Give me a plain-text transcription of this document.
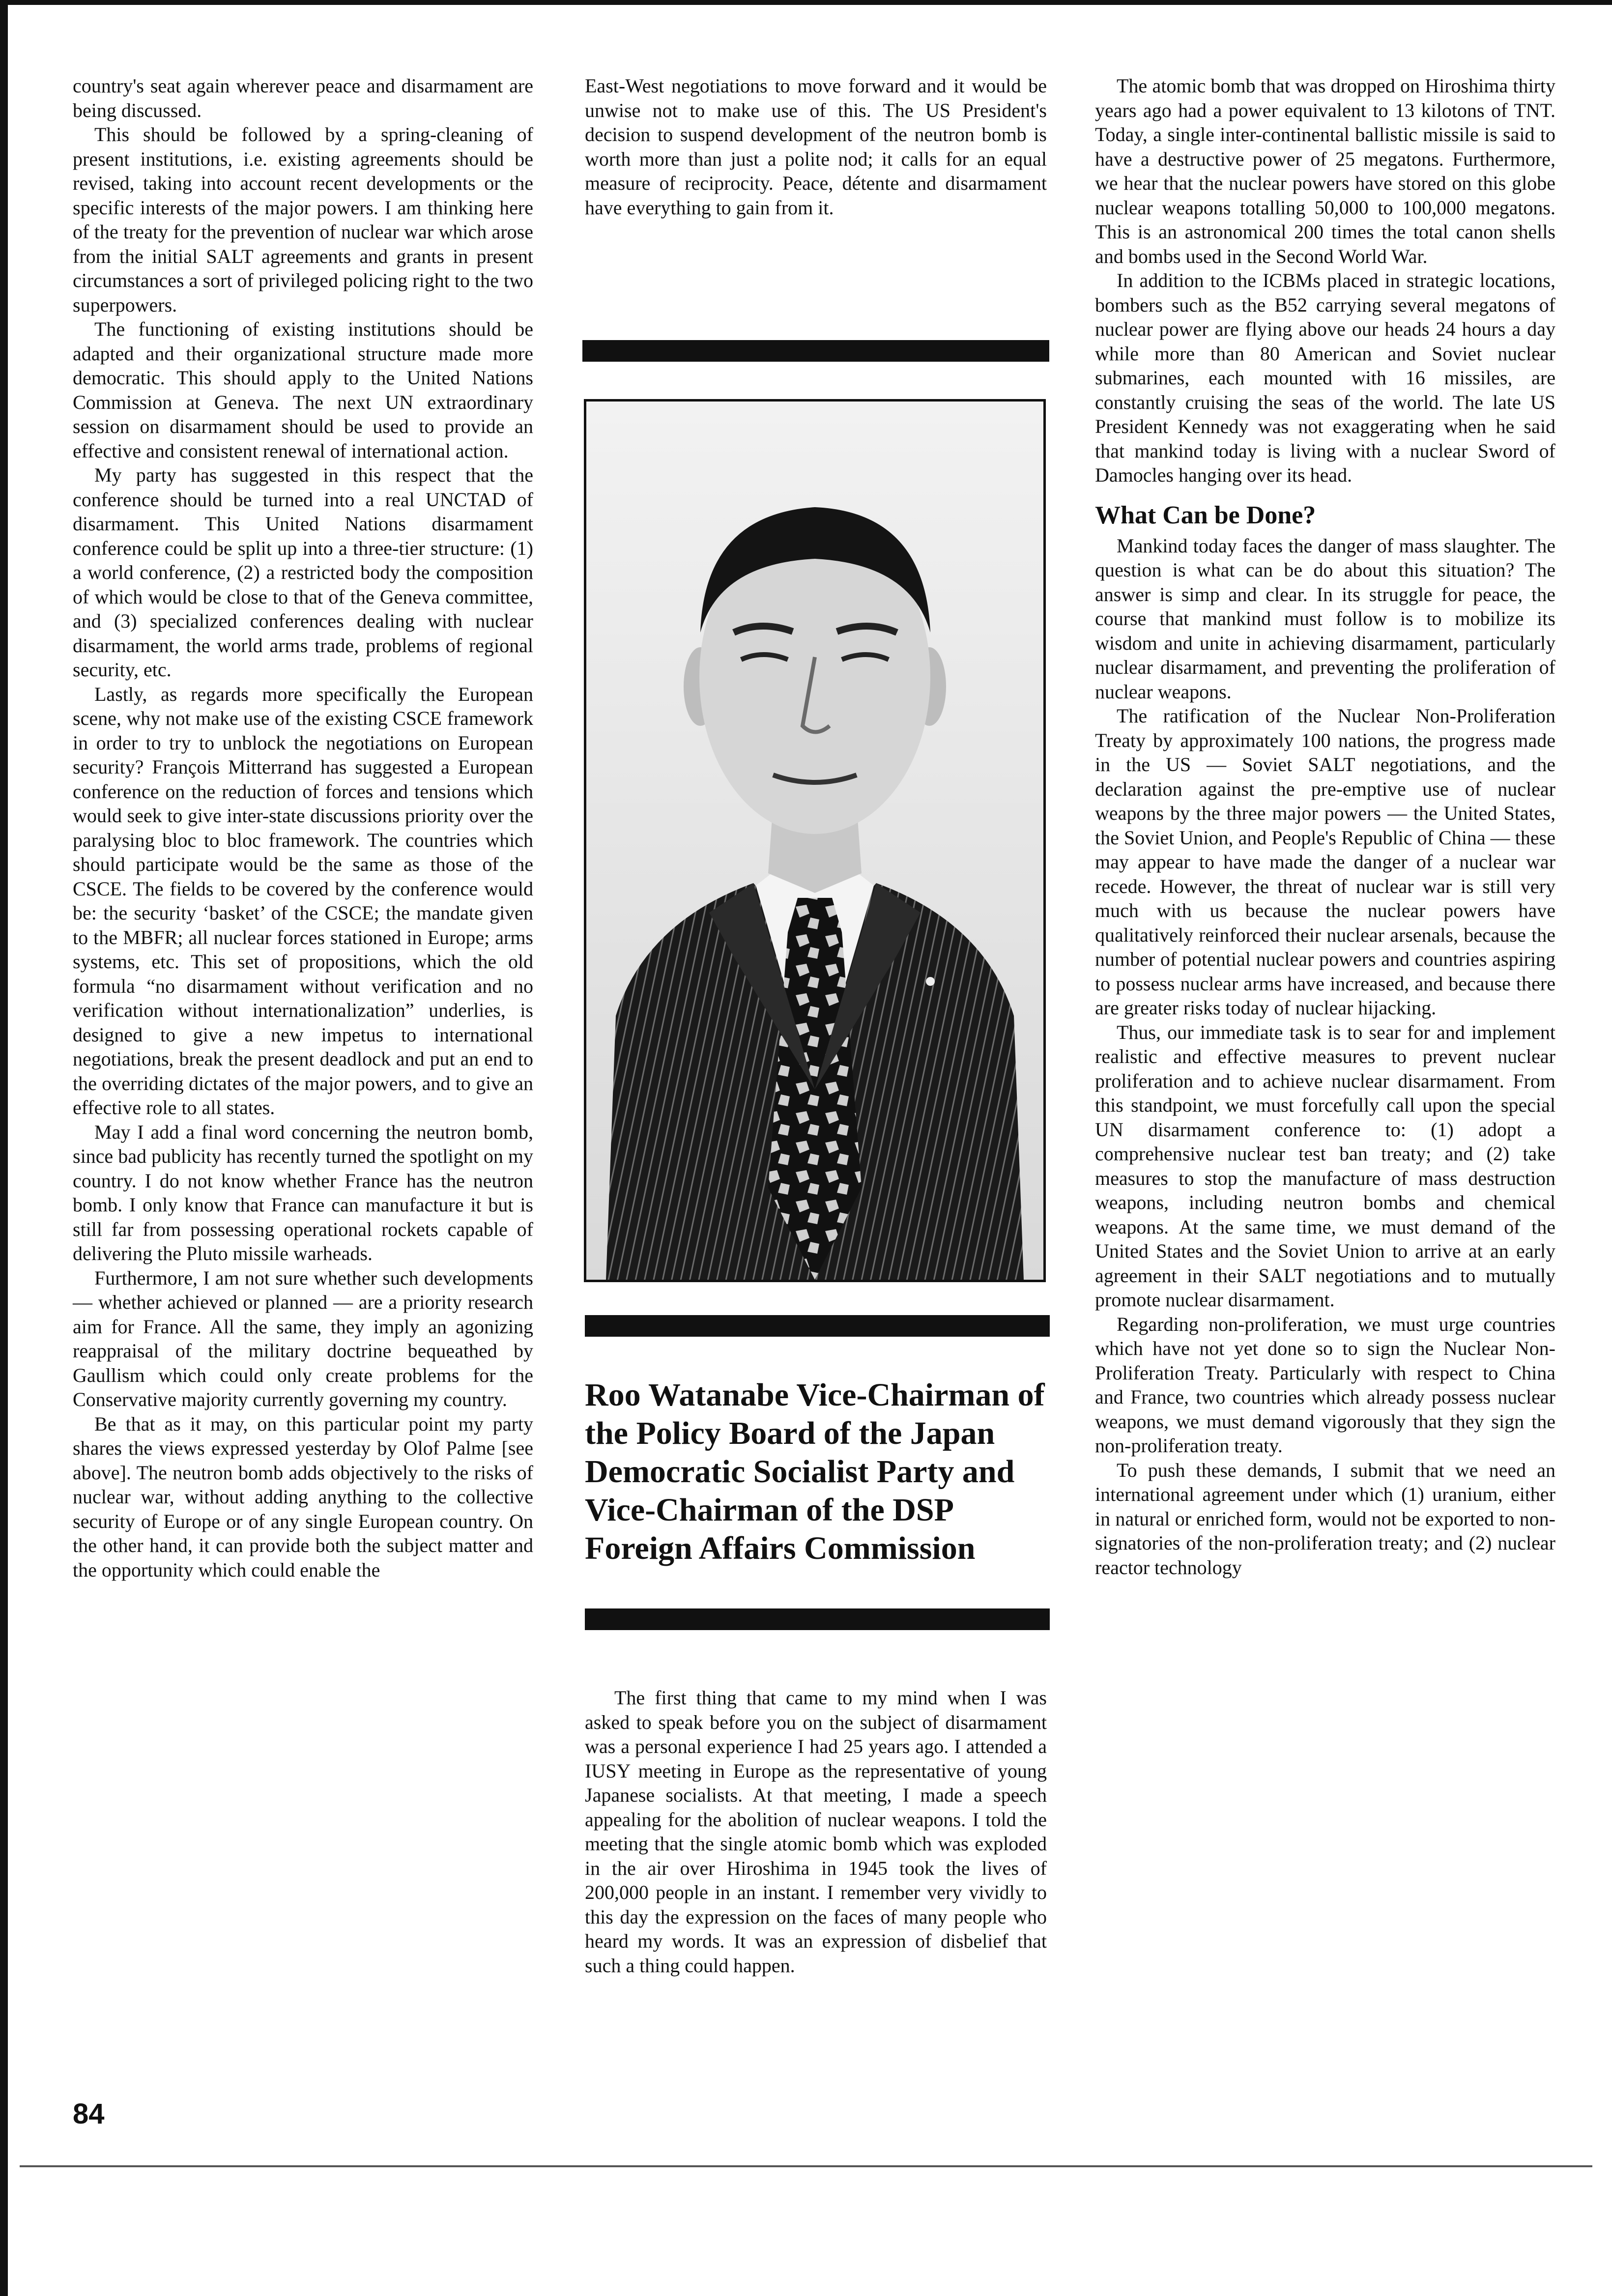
country's seat again wherever peace and disarmament are being discussed.

This should be followed by a spring-cleaning of present institutions, i.e. existing agreements should be revised, taking into account recent developments or the specific interests of the major powers. I am thinking here of the treaty for the prevention of nuclear war which arose from the initial SALT agreements and grants in present circumstances a sort of privileged policing right to the two superpowers.

The functioning of existing institutions should be adapted and their organizational structure made more democratic. This should apply to the United Nations Commission at Geneva. The next UN extraordinary session on disarmament should be used to provide an effective and consistent renewal of international action.

My party has suggested in this respect that the conference should be turned into a real UNCTAD of disarmament. This United Nations disarmament conference could be split up into a three-tier structure: (1) a world conference, (2) a restricted body the composition of which would be close to that of the Geneva committee, and (3) specialized conferences dealing with nuclear disarmament, the world arms trade, problems of regional security, etc.

Lastly, as regards more specifically the European scene, why not make use of the existing CSCE framework in order to try to unblock the negotiations on European security? François Mitterrand has suggested a European conference on the reduction of forces and tensions which would seek to give inter-state discussions priority over the paralysing bloc to bloc framework. The countries which should participate would be the same as those of the CSCE. The fields to be covered by the conference would be: the security ‘basket’ of the CSCE; the mandate given to the MBFR; all nuclear forces stationed in Europe; arms systems, etc. This set of propositions, which the old formula “no disarmament without verification and no verification without internationalization” underlies, is designed to give a new impetus to international negotiations, break the present deadlock and put an end to the overriding dictates of the major powers, and to give an effective role to all states.

May I add a final word concerning the neutron bomb, since bad publicity has recently turned the spotlight on my country. I do not know whether France has the neutron bomb. I only know that France can manufacture it but is still far from possessing operational rockets capable of delivering the Pluto missile warheads.

Furthermore, I am not sure whether such developments — whether achieved or planned — are a priority research aim for France. All the same, they imply an agonizing reappraisal of the military doctrine bequeathed by Gaullism which could only create problems for the Conservative majority currently governing my country.

Be that as it may, on this particular point my party shares the views expressed yesterday by Olof Palme [see above]. The neutron bomb adds objectively to the risks of nuclear war, without adding anything to the collective security of Europe or of any single European country. On the other hand, it can provide both the subject matter and the opportunity which could enable the

East-West negotiations to move forward and it would be unwise not to make use of this. The US President's decision to suspend development of the neutron bomb is worth more than just a polite nod; it calls for an equal measure of reciprocity. Peace, détente and disarmament have everything to gain from it.

Roo Watanabe Vice-Chairman of the Policy Board of the Japan Democratic Socialist Party and Vice-Chairman of the DSP Foreign Affairs Commission

The first thing that came to my mind when I was asked to speak before you on the subject of disarmament was a personal experience I had 25 years ago. I attended a IUSY meeting in Europe as the representative of young Japanese socialists. At that meeting, I made a speech appealing for the abolition of nuclear weapons. I told the meeting that the single atomic bomb which was exploded in the air over Hiroshima in 1945 took the lives of 200,000 people in an instant. I remember very vividly to this day the expression on the faces of many people who heard my words. It was an expression of disbelief that such a thing could happen.

The atomic bomb that was dropped on Hiroshima thirty years ago had a power equivalent to 13 kilotons of TNT. Today, a single inter-continental ballistic missile is said to have a destructive power of 25 megatons. Furthermore, we hear that the nuclear powers have stored on this globe nuclear weapons totalling 50,000 to 100,000 megatons. This is an astronomical 200 times the total canon shells and bombs used in the Second World War.

In addition to the ICBMs placed in strategic locations, bombers such as the B52 carrying several megatons of nuclear power are flying above our heads 24 hours a day while more than 80 American and Soviet nuclear submarines, each mounted with 16 missiles, are constantly cruising the seas of the world. The late US President Kennedy was not exaggerating when he said that mankind today is living with a nuclear Sword of Damocles hanging over its head.

What Can be Done?

Mankind today faces the danger of mass slaughter. The question is what can be do about this situation? The answer is simp and clear. In its struggle for peace, the course that mankind must follow is to mobilize its wisdom and unite in achieving disarmament, particularly nuclear disarmament, and preventing the proliferation of nuclear weapons.

The ratification of the Nuclear Non-Proliferation Treaty by approximately 100 nations, the progress made in the US — Soviet SALT negotiations, and the declaration against the pre-emptive use of nuclear weapons by the three major powers — the United States, the Soviet Union, and People's Republic of China — these may appear to have made the danger of a nuclear war recede. However, the threat of nuclear war is still very much with us because the nuclear powers have qualitatively reinforced their nuclear arsenals, because the number of potential nuclear powers and countries aspiring to possess nuclear arms have increased, and because there are greater risks today of nuclear hijacking.

Thus, our immediate task is to sear for and implement realistic and effective measures to prevent nuclear proliferation and to achieve nuclear disarmament. From this standpoint, we must forcefully call upon the special UN disarmament conference to: (1) adopt a comprehensive nuclear test ban treaty; and (2) take measures to stop the manufacture of mass destruction weapons, including neutron bombs and chemical weapons. At the same time, we must demand of the United States and the Soviet Union to arrive at an early agreement in their SALT negotiations and to mutually promote nuclear disarmament.

Regarding non-proliferation, we must urge countries which have not yet done so to sign the Nuclear Non-Proliferation Treaty. Particularly with respect to China and France, two countries which already possess nuclear weapons, we must demand vigorously that they sign the non-proliferation treaty.

To push these demands, I submit that we need an international agreement under which (1) uranium, either in natural or enriched form, would not be exported to non-signatories of the non-proliferation treaty; and (2) nuclear reactor technology

84
